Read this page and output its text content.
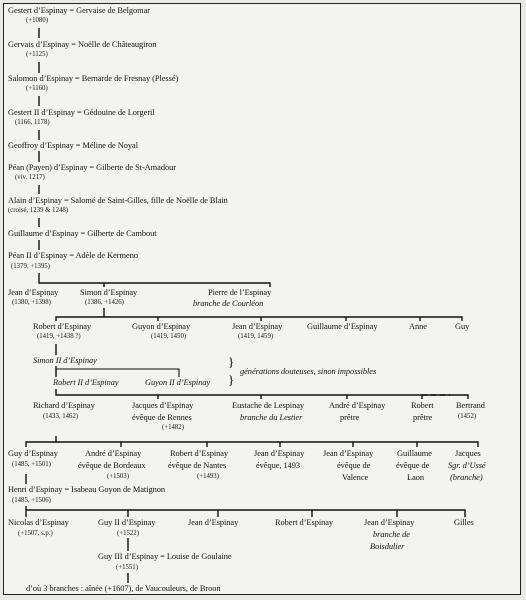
}
}
Gestert d’Espinay = Gervaise de Belgomar
(+1080)
Gervais d’Espinay = Noëlle de Châteaugiron
(+1125)
Salomon d’Espinay = Bernarde de Fresnay (Plessé)
(+1160)
Gestert II d’Espinay = Gédouine de Lorgeril
(1166, 1178)
Geoffroy d’Espinay = Méline de Noyal
Péan (Payen) d’Espinay = Gilberte de St-Amadour
(viv. 1217)
Alain d’Espinay = Salomé de Saint-Gilles, fille de Noëlle de Blain
(croisé, 1239 & 1248)
Guillaume d’Espinay = Gilberte de Cambout
Péan II d’Espinay = Adèle de Kermeno
(1379, +1395)
Jean d’Espinay
(1380, +1398)
Simon d’Espinay
(1386, +1426)
Pierre de l’Espinay
branche de Courléon
Robert d’Espinay
(1419, +1438 ?)
Guyon d’Espinay
(1419, 1450)
Jean d’Espinay
(1419, 1459)
Guillaume d’Espinay	Anne	Guy
Simon II d’Espinay
Robert II d’Espinay	Guyon II d’Espinay
générations douteuses, sinon impossibles
Richard d’Espinay
(1433, 1462)
Jacques d’Espinay
évêque de Rennes
(+1482)
Eustache de Lespinay
branche du Lestier
André d’Espinay
prêtre
Robert
prêtre
Bertrand
(1452)
Guy d’Espinay
(1485, +1501)
André d’Espinay
évêque de Bordeaux
(+1503)
Robert d’Espinay
évêque de Nantes
(+1493)
Jean d’Espinay
évêque, 1493
Jean d’Espinay
évêque de
Valence
Guillaume
évêque de
Laon
Jacques
Sgr. d’Ussé
(branche)
Henri d’Espinay = Isabeau Goyon de Matignon
(1485, +1506)
Nicolas d’Espinay
(+1507, s.p.)
Guy II d’Espinay
(+1522)
Jean d’Espinay	Robert d’Espinay	Jean d’Espinay
branche de
Boisdulier
Gilles
Guy III d’Espinay = Louise de Goulaine
(+1551)
d’où 3 branches : aînée (+1607), de Vaucouleurs, de Broon
